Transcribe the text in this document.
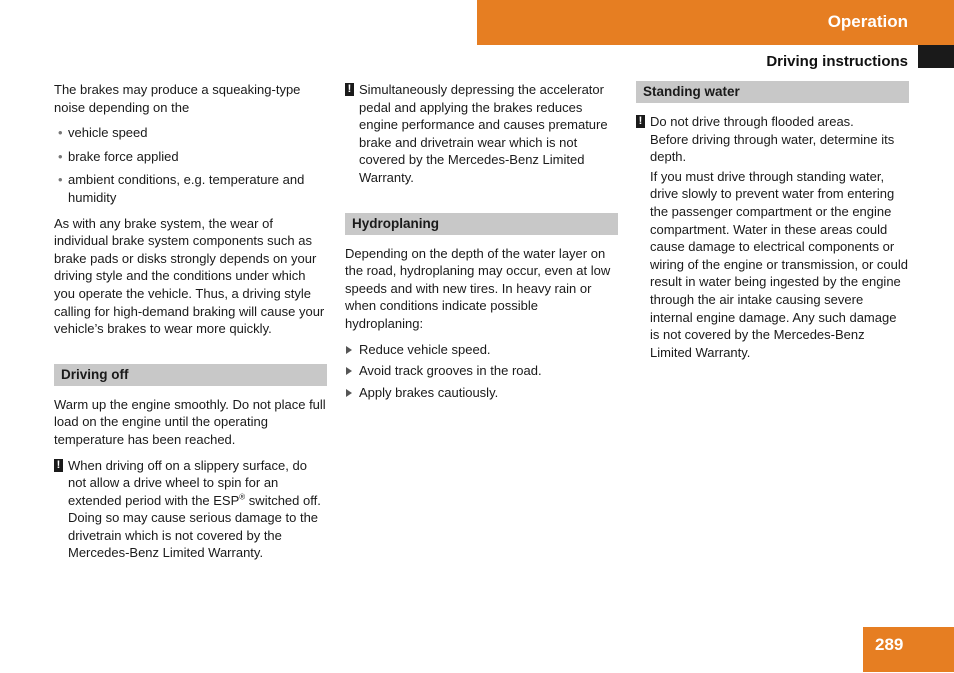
Operation
Driving instructions

The brakes may produce a squeaking-type noise depending on the

• vehicle speed
• brake force applied
• ambient conditions, e.g. temperature and humidity

As with any brake system, the wear of individual brake system components such as brake pads or disks strongly depends on your driving style and the conditions under which you operate the vehicle. Thus, a driving style calling for high-demand braking will cause your vehicle’s brakes to wear more quickly.

Driving off

Warm up the engine smoothly. Do not place full load on the engine until the operating temperature has been reached.

! When driving off on a slippery surface, do not allow a drive wheel to spin for an extended period with the ESP® switched off. Doing so may cause serious damage to the drivetrain which is not covered by the Mercedes-Benz Limited Warranty.
! Simultaneously depressing the accelerator pedal and applying the brakes reduces engine performance and causes premature brake and drivetrain wear which is not covered by the Mercedes-Benz Limited Warranty.
Hydroplaning

Depending on the depth of the water layer on the road, hydroplaning may occur, even at low speeds and with new tires. In heavy rain or when conditions indicate possible hydroplaning:

Reduce vehicle speed.
Avoid track grooves in the road.
Apply brakes cautiously.
Standing water
! Do not drive through flooded areas.
Before driving through water, determine its depth.

If you must drive through standing water, drive slowly to prevent water from entering the passenger compartment or the engine compartment. Water in these areas could cause damage to electrical components or wiring of the engine or transmission, or could result in water being ingested by the engine through the air intake causing severe internal engine damage. Any such damage is not covered by the Mercedes-Benz Limited Warranty.

289
